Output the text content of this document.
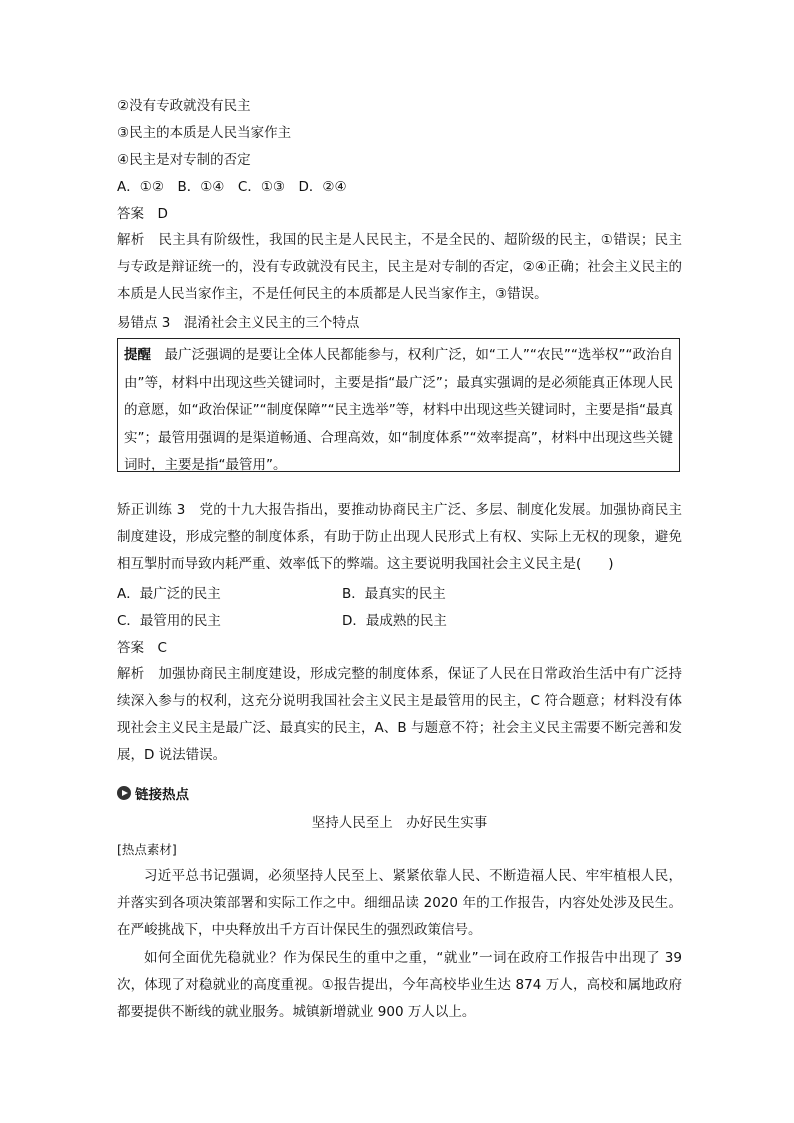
②没有专政就没有民主
③民主的本质是人民当家作主
④民主是对专制的否定
A．①②　B．①④　C．①③　D．②④
答案　D
解析　民主具有阶级性，我国的民主是人民民主，不是全民的、超阶级的民主，①错误；民主与专政是辩证统一的，没有专政就没有民主，民主是对专制的否定，②④正确；社会主义民主的本质是人民当家作主，不是任何民主的本质都是人民当家作主，③错误。
易错点 3　混淆社会主义民主的三个特点
提醒　最广泛强调的是要让全体人民都能参与，权利广泛，如“工人”“农民”“选举权”“政治自由”等，材料中出现这些关键词时，主要是指“最广泛”；最真实强调的是必须能真正体现人民的意愿，如“政治保证”“制度保障”“民主选举”等，材料中出现这些关键词时，主要是指“最真实”；最管用强调的是渠道畅通、合理高效，如“制度体系”“效率提高”，材料中出现这些关键词时，主要是指“最管用”。
矫正训练 3　党的十九大报告指出，要推动协商民主广泛、多层、制度化发展。加强协商民主制度建设，形成完整的制度体系，有助于防止出现人民形式上有权、实际上无权的现象，避免相互掣肘而导致内耗严重、效率低下的弊端。这主要说明我国社会主义民主是(　　)
A．最广泛的民主	B．最真实的民主
C．最管用的民主	D．最成熟的民主
答案　C
解析　加强协商民主制度建设，形成完整的制度体系，保证了人民在日常政治生活中有广泛持续深入参与的权利，这充分说明我国社会主义民主是最管用的民主，C 符合题意；材料没有体现社会主义民主是最广泛、最真实的民主，A、B 与题意不符；社会主义民主需要不断完善和发展，D 说法错误。
链接热点
坚持人民至上　办好民生实事
[热点素材]
习近平总书记强调，必须坚持人民至上、紧紧依靠人民、不断造福人民、牢牢植根人民，并落实到各项决策部署和实际工作之中。细细品读 2020 年的工作报告，内容处处涉及民生。在严峻挑战下，中央释放出千方百计保民生的强烈政策信号。
如何全面优先稳就业？作为保民生的重中之重，“就业”一词在政府工作报告中出现了 39 次，体现了对稳就业的高度重视。①报告提出，今年高校毕业生达 874 万人，高校和属地政府都要提供不断线的就业服务。城镇新增就业 900 万人以上。
